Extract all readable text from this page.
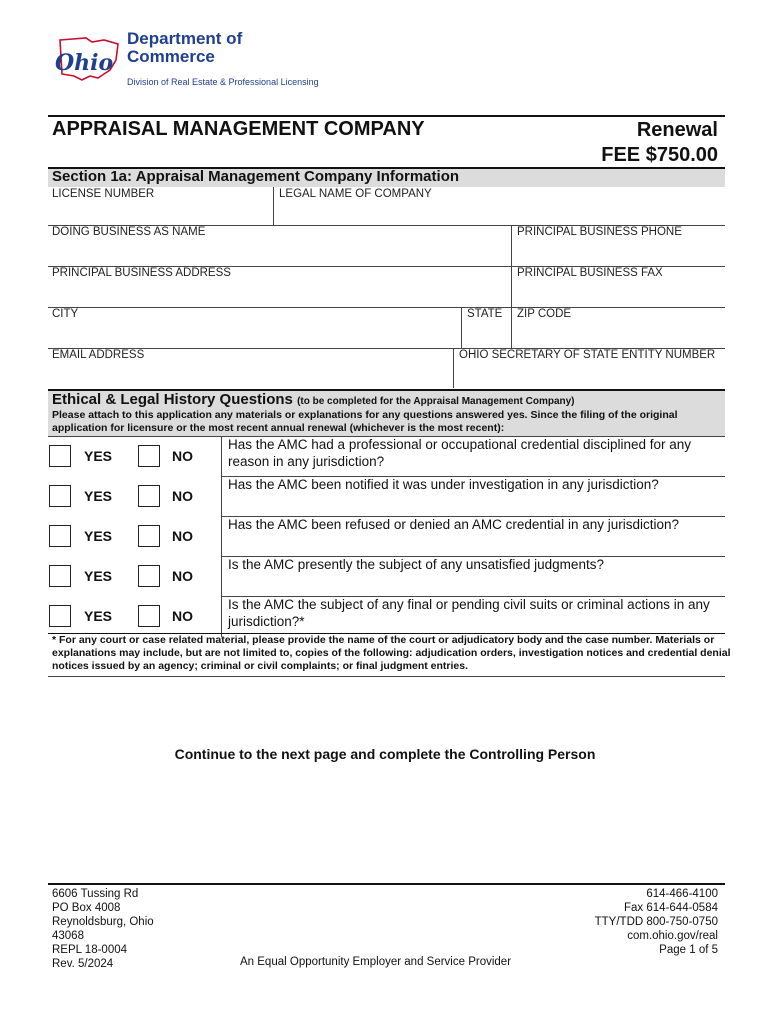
Ohio
Department of
Commerce
Division of Real Estate & Professional Licensing
APPRAISAL MANAGEMENT COMPANY	Renewal
FEE $750.00
Section 1a: Appraisal Management Company Information
LICENSE NUMBER	LEGAL NAME OF COMPANY
DOING BUSINESS AS NAME	PRINCIPAL BUSINESS PHONE
PRINCIPAL BUSINESS ADDRESS	PRINCIPAL BUSINESS FAX
CITY	STATE ZIP CODE
EMAIL ADDRESS	OHIO SECRETARY OF STATE ENTITY NUMBER
Ethical & Legal History Questions (to be completed for the Appraisal Management Company)
Please attach to this application any materials or explanations for any questions answered yes. Since the filing of the original application for licensure or the most recent annual renewal (whichever is the most recent):
YES	NO
Has the AMC had a professional or occupational credential disciplined for any reason in any jurisdiction?
YES	NO
Has the AMC been notified it was under investigation in any jurisdiction?
YES	NO
Has the AMC been refused or denied an AMC credential in any jurisdiction?
YES	NO
Is the AMC presently the subject of any unsatisfied judgments?
YES	NO
Is the AMC the subject of any final or pending civil suits or criminal actions in any jurisdiction?*
* For any court or case related material, please provide the name of the court or adjudicatory body and the case number. Materials or explanations may include, but are not limited to, copies of the following: adjudication orders, investigation notices and credential denial notices issued by an agency; criminal or civil complaints; or final judgment entries.
Continue to the next page and complete the Controlling Person
6606 Tussing Rd
PO Box 4008
Reynoldsburg, Ohio
43068
REPL 18-0004
Rev. 5/2024	An Equal Opportunity Employer and Service Provider
614-466-4100
Fax 614-644-0584
TTY/TDD 800-750-0750
com.ohio.gov/real
Page 1 of 5
